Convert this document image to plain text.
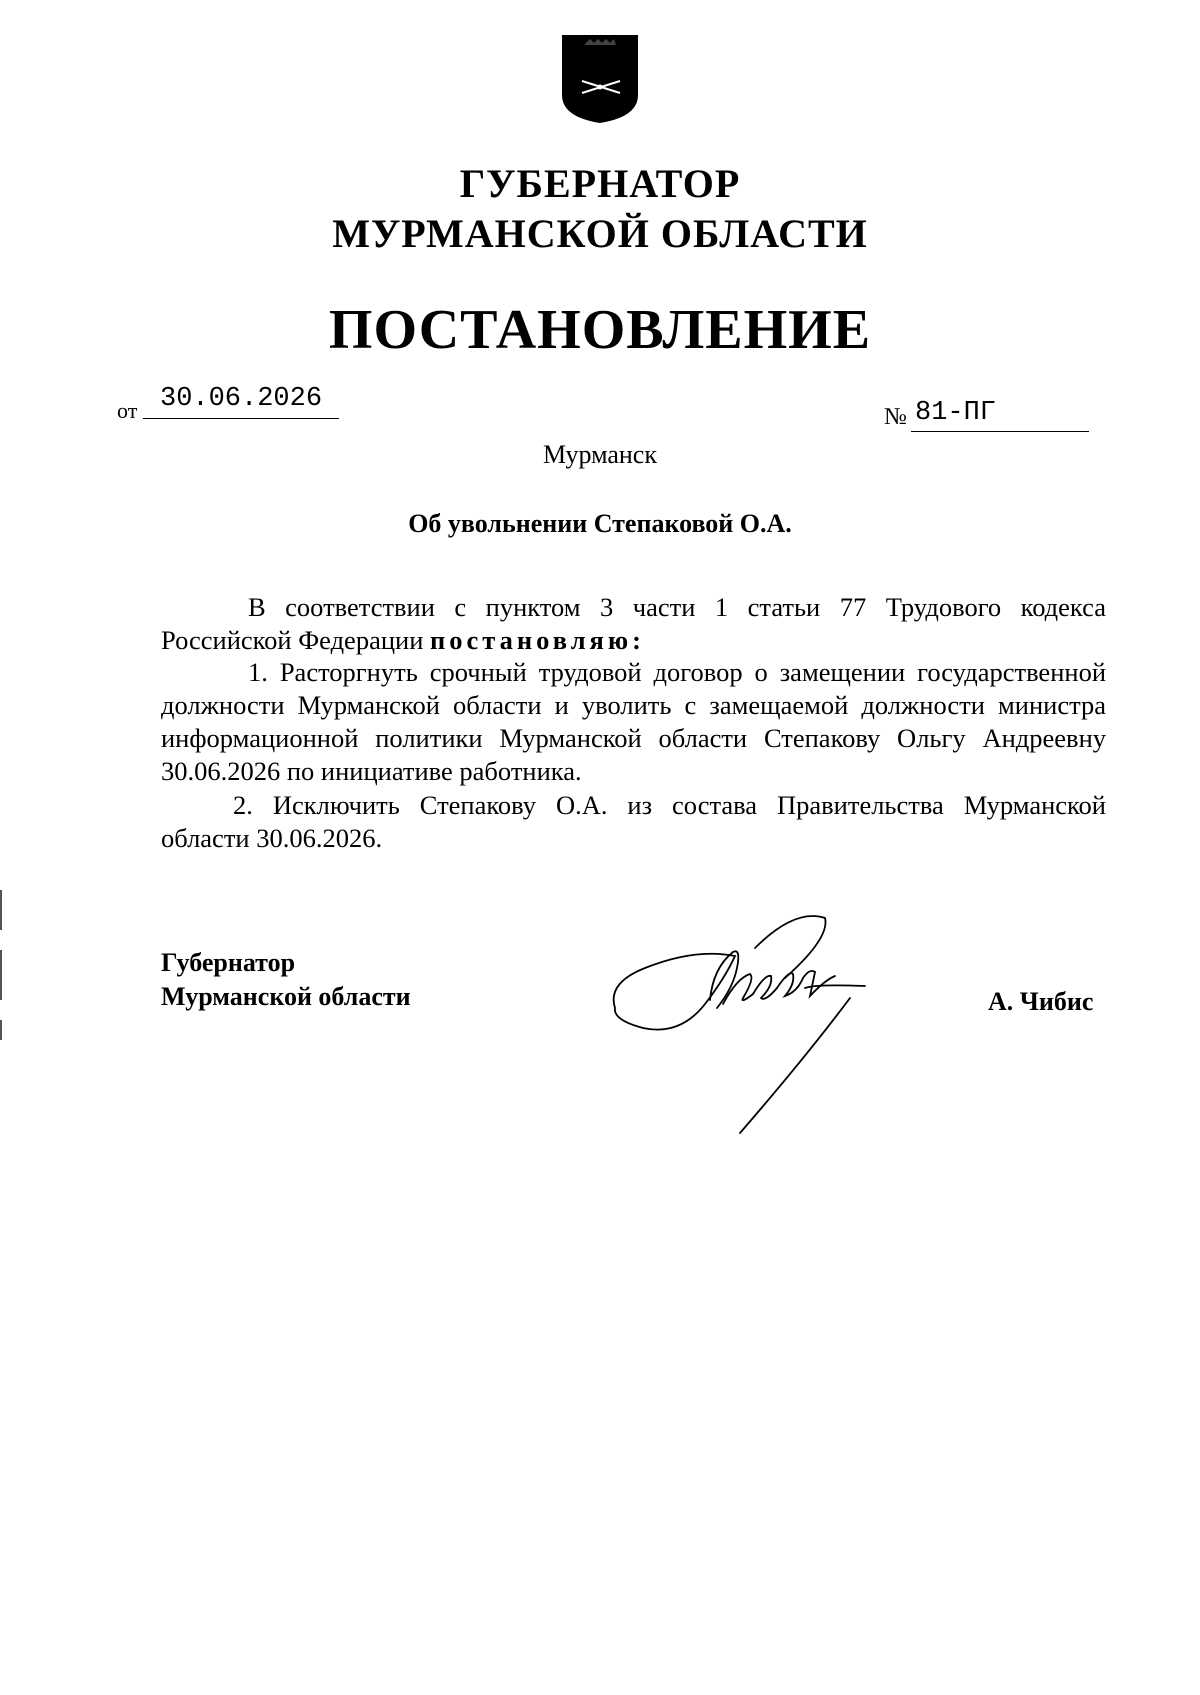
ГУБЕРНАТОР
МУРМАНСКОЙ ОБЛАСТИ
ПОСТАНОВЛЕНИЕ
от 30.06.2026
№ 81-ПГ
Мурманск
Об увольнении Степаковой О.А.
В соответствии с пунктом 3 части 1 статьи 77 Трудового кодекса Российской Федерации постановляю:
1. Расторгнуть срочный трудовой договор о замещении государственной должности Мурманской области и уволить с замещаемой должности министра информационной политики Мурманской области Степакову Ольгу Андреевну 30.06.2026 по инициативе работника.
2. Исключить Степакову О.А. из состава Правительства Мурманской области 30.06.2026.
Губернатор
Мурманской области	А. Чибис
